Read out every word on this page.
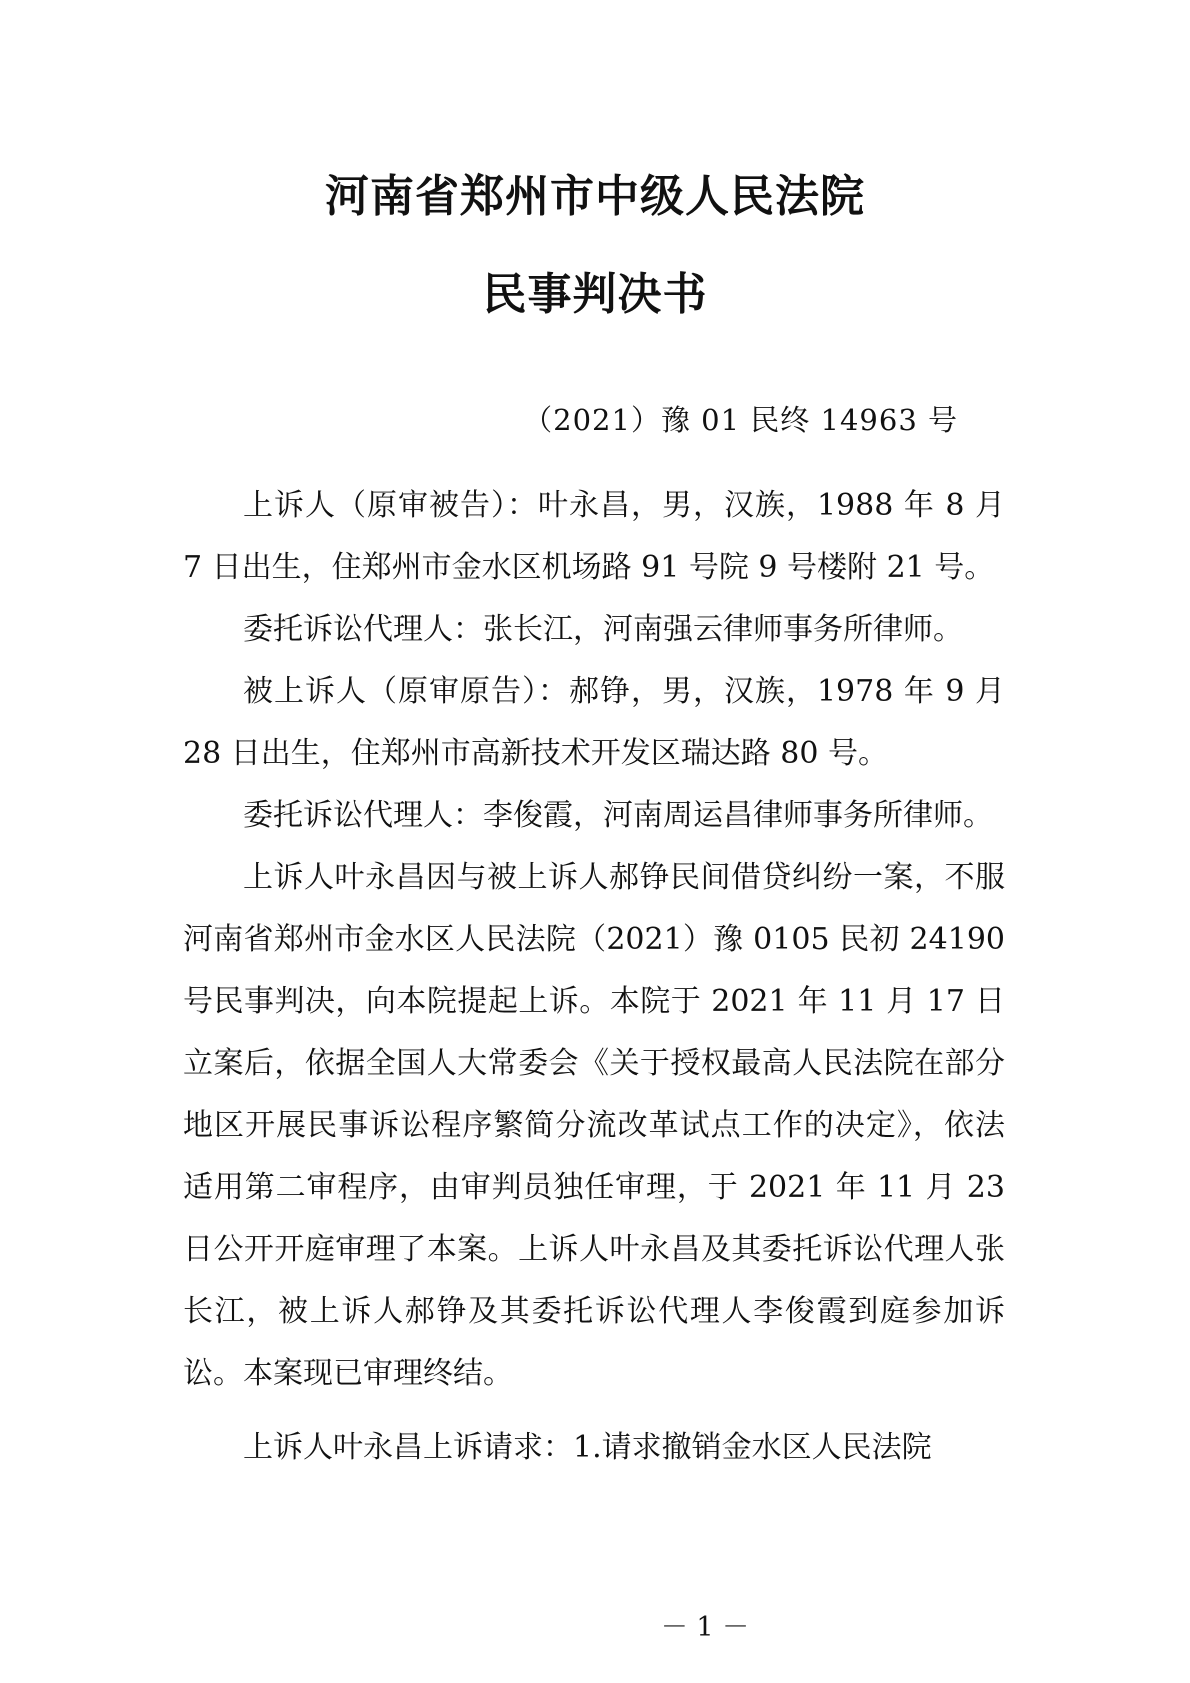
河南省郑州市中级人民法院
民事判决书
（2021）豫 01 民终 14963 号

上诉人（原审被告）：叶永昌，男，汉族，1988 年 8 月 7 日出生，住郑州市金水区机场路 91 号院 9 号楼附 21 号。

委托诉讼代理人：张长江，河南强云律师事务所律师。

被上诉人（原审原告）：郝铮，男，汉族，1978 年 9 月 28 日出生，住郑州市高新技术开发区瑞达路 80 号。

委托诉讼代理人：李俊霞，河南周运昌律师事务所律师。

上诉人叶永昌因与被上诉人郝铮民间借贷纠纷一案，不服河南省郑州市金水区人民法院（2021）豫 0105 民初 24190 号民事判决，向本院提起上诉。本院于 2021 年 11 月 17 日立案后，依据全国人大常委会《关于授权最高人民法院在部分地区开展民事诉讼程序繁简分流改革试点工作的决定》，依法适用第二审程序，由审判员独任审理，于 2021 年 11 月 23 日公开开庭审理了本案。上诉人叶永昌及其委托诉讼代理人张长江，被上诉人郝铮及其委托诉讼代理人李俊霞到庭参加诉讼。本案现已审理终结。

上诉人叶永昌上诉请求：1.请求撤销金水区人民法院

－ 1 －
